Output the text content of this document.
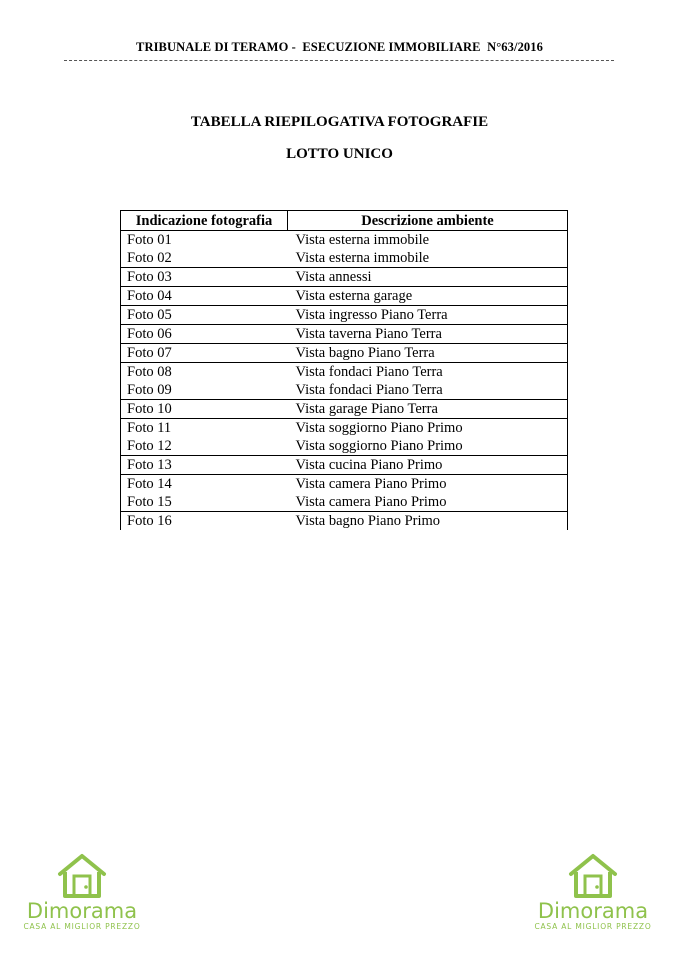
TRIBUNALE DI TERAMO -  ESECUZIONE IMMOBILIARE  N°63/2016
TABELLA RIEPILOGATIVA FOTOGRAFIE
LOTTO UNICO
Indicazione fotografia	Descrizione ambiente
Foto 01	Vista esterna immobile
Foto 02	Vista esterna immobile
Foto 03	Vista annessi
Foto 04	Vista esterna garage
Foto 05	Vista ingresso Piano Terra
Foto 06	Vista taverna Piano Terra
Foto 07	Vista bagno Piano Terra
Foto 08	Vista fondaci Piano Terra
Foto 09	Vista fondaci Piano Terra
Foto 10	Vista garage Piano Terra
Foto 11	Vista soggiorno Piano Primo
Foto 12	Vista soggiorno Piano Primo
Foto 13	Vista cucina Piano Primo
Foto 14	Vista camera Piano Primo
Foto 15	Vista camera Piano Primo
Foto 16	Vista bagno Piano Primo
Dimorama
CASA AL MIGLIOR PREZZO
Dimorama
CASA AL MIGLIOR PREZZO
